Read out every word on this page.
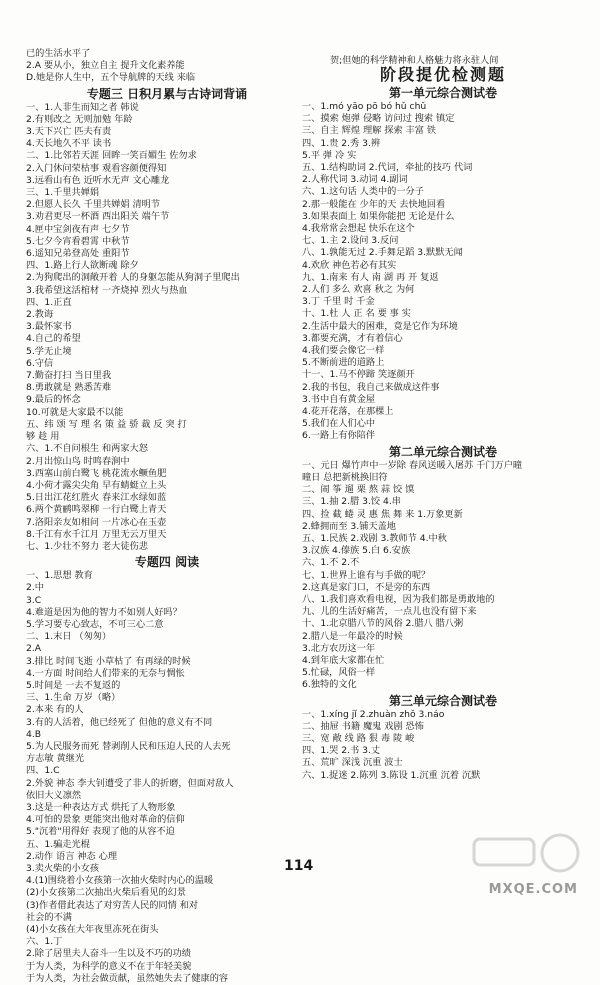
贺;但她的科学精神和人格魅力将永驻人间
已的生活水平了
2.A 要从小，独立自主 提升文化素养能
D.她是你人生中，五个导航牌的天线 来临
专题三 日积月累与古诗词背诵
一、1.人非生而知之者 韩说
2.有则改之 无则加勉 年龄
3.天下兴亡 匹夫有责
4.天长地久不平 读书
二、1.比邻若天涯 回眸一笑百媚生 佐勿求
2.入门休问荣枯事 观看容颜便得知
3.远看山有色 近听水无声 文心雕龙
三、1.千里共婵娟
2.但愿人长久 千里共婵娟 清明节
3.劝君更尽一杯酒 西出阳关 端午节
4.匣中宝剑夜有声 七夕节
5.七夕今宵看碧霄 中秋节
6.遥知兄弟登高处 重阳节
四、1.路上行人欲断魂 除夕
2.为狗爬出的洞敞开着 人的身躯怎能从狗洞子里爬出
3.我希望这活棺材 一齐烧掉 烈火与热血
四、1.正直
2.教诲
3.最怀家书
4.自己的希望
5.学无止境
6.守信
7.勤奋打扫 当日里我
8.勇敢就是 熟悉苦难
9.最后的怀念
10.可就是大家最不以能
五、纬 颂 写 理 名 策 益 骄 裁 反 突 打
够 趁 用
六、1.不自问根生 和两家大怒
2.月出惊山鸟 时鸣春涧中
3.西塞山前白鹭飞 桃花流水鳜鱼肥
4.小荷才露尖尖角 早有蜻蜓立上头
5.日出江花红胜火 春来江水绿如蓝
6.两个黄鹂鸣翠柳 一行白鹭上青天
7.洛阳亲友如相问 一片冰心在玉壶
8.千江有水千江月 万里无云万里天
七、1.少壮不努力 老大徒伤悲
专题四 阅读
一、1.思想 教育
2.中
3.C
4.难道是因为他的智力不如别人好吗？
5.学习要专心致志，不可三心二意
二、1.末日 （匆匆）
2.A
3.排比 时间飞逝 小草枯了 有再绿的时候
4.一方面 时间给人们带来的无奈与惆怅
5.时间是 一去不复返的
三、1.生命 万岁（略）
2.本来 有的人
3.有的人活着，他已经死了 但他的意义有不同
4.B
5.为人民服务而死 替剥削人民和压迫人民的人去死
方志敏 黄继光
四、1.C
2.外貌 神态 李大钊遭受了非人的折磨，但面对敌人
依旧大义凛然
3.这是一种表达方式 烘托了人物形象
4.可怕的景象 更能突出他对革命的信仰
5."沉着"用得好 表现了他的从容不迫
五、1.骗走光棍
2.动作 语言 神态 心理
3.卖火柴的小女孩
4.(1)围绕着小女孩第一次抽火柴时内心的温暖
(2)小女孩第二次抽出火柴后看见的幻景
(3)作者借此表达了对穷苦人民的同情 和对
社会的不满
(4)小女孩在大年夜里冻死在街头
六、1.丁
2.除了居里夫人奋斗一生以及不巧的功绩
于为人类，为科学的意义不在于年轻美貌
于为人类，为社会做贡献，虽然她失去了健康的容
阶段提优检测题
第一单元综合测试卷
一、1.mó yāo pō bó hǔ chǔ
二、摸索 炮弹 侵略 访问过 搜索 镇定
三、自主 辉煌 理解 探索 丰富 铁
四、1.贵 2.秀 3.辨
5.平 弹 冷 实
五、1.结构助词 2.代词，牵扯的技巧 代词
2.人称代词 3.动词 4.副词
六、1.这句话 人类中的一分子
2.那一般能在 少年的天 去快地回看
3.如果表面上 如果你能把 无论是什么
4.我常常会想起 快乐在这个
七、1.主 2.设问 3.反问
八、1.孰能无过 2.手舞足蹈 3.默默无闻
4.欢欣 神色若必有其实
九、1.南来 有人 南 湖 再 开 复返
2.人们 多么 欢喜 秋之 为何
3.丁 千里 时 千金
十、1.杜 人 正 名 要 事 实
2.生活中最大的困难，竟是它作为环境
3.都要充满，才有着信心
4.我们要会像它一样
5.不断前进的道路上
十一、1.马不停蹄 笑逐颜开
2.我的书包，我自己来做成这件事
3.书中自有黄金屋
4.花开花落，在那棵上
5.我们在人们心中
6.一路上有你陪伴
第二单元综合测试卷
一、元日 爆竹声中一岁除 春风送暖入屠苏 千门万户曈
曈日 总把新桃换旧符
二、闹 筝 遛 栗 熬 蒜 饺 馍
三、1.抽 2.腊 3.饺 4.串
四、捡 截 蜷 灵 惠 焦 舞 来 1.万象更新
2.蜂拥而至 3.铺天盖地
五、1.民族 2.戏剧 3.教师节 4.中秋
3.汉族 4.傣族 5.白 6.安族
六、1.不 2.不
七、1.世界上谁有与手做的呢？
2.这真是家门口，不是旁的东西
八、1.我们喜欢看电视，因为我们都是勇敢地的
九、儿的生活好痛苦，一点儿也没有留下来
十、1.北京腊八节的风俗 2.腊八 腊八粥
2.腊八是一年最冷的时候
3.北方农历这一年
4.到年底大家都在忙
5.忙碌，风俗一样
6.独特的文化
第三单元综合测试卷
一、1.xíng jǐ 2.zhuàn zhǒ 3.náo
二、抽屉 书籍 魔鬼 戏剧 恐怖
三、宽 敞 线 路 狠 毒 陵 峻
四、1.哭 2.书 3.丈
五、荒旷 深浅 沉重 波士
六、1.捉迷 2.陈列 3.陈设 1.沉重 沉着 沉默
114
MXQE.COM
